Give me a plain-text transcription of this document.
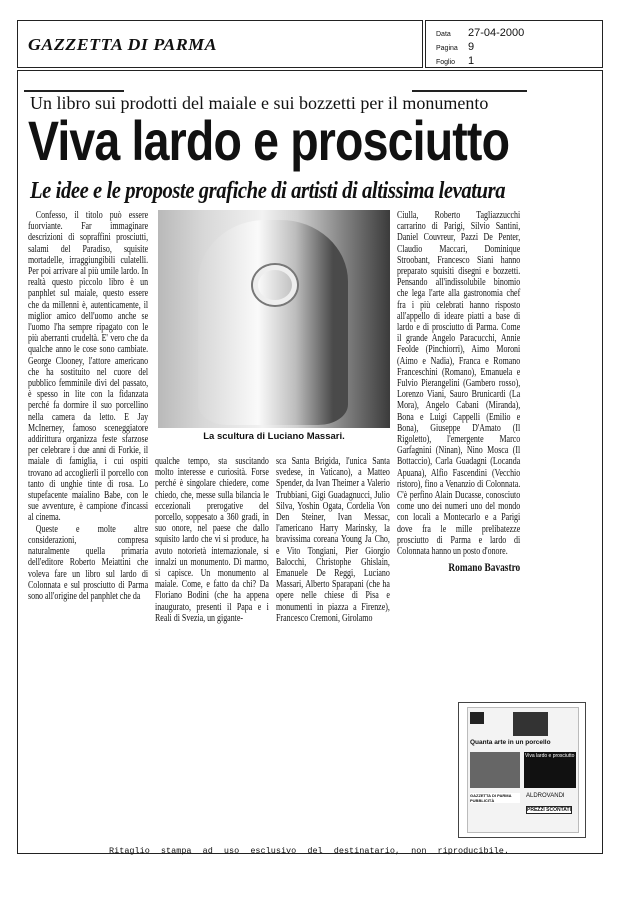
GAZZETTA DI PARMA
Data 27-04-2000
Pagina 9
Foglio 1
Un libro sui prodotti del maiale e sui bozzetti per il monumento
Viva lardo e prosciutto
Le idee e le proposte grafiche di artisti di altissima levatura

Confesso, il titolo può essere fuorviante. Far immaginare descrizioni di sopraffini prosciutti, salami del Paradiso, squisite mortadelle, irraggiungibili culatelli. Per poi arrivare al più umile lardo. In realtà questo piccolo libro è un panphlet sul maiale, questo essere che da millenni è, autenticamente, il miglior amico dell'uomo anche se l'uomo l'ha sempre ripagato con le più aberranti crudeltà. E' vero che da qualche anno le cose sono cambiate. George Clooney, l'attore americano che ha sostituito nel cuore del pubblico femminile divi del passato, è spesso in lite con la fidanzata perché fa dormire il suo porcellino nella camera da letto. E Jay McInerney, famoso sceneggiatore addirittura organizza feste sfarzose per celebrare i due anni di Forkie, il maiale di famiglia, i cui ospiti trovano ad accoglierli il porcello con tanto di unghie tinte di rosa. Lo stupefacente maialino Babe, con le sue avventure, è campione d'incassi al cinema.

Queste e molte altre considerazioni, compresa naturalmente quella primaria dell'editore Roberto Meiattini che voleva fare un libro sul lardo di Colonnata e sul prosciutto di Parma sono all'origine del panphlet che da

La scultura di Luciano Massari.

qualche tempo, sta suscitando molto interesse e curiosità. Forse perché è singolare chiedere, come chiedo, che, messe sulla bilancia le eccezionali prerogative del porcello, soppesato a 360 gradi, in suo onore, nel paese che dallo squisito lardo che vi si produce, ha avuto notorietà internazionale, si innalzi un monumento. Di marmo, si capisce. Un monumento al maiale. Come, e fatto da chi? Da Floriano Bodini (che ha appena inaugurato, presenti il Papa e i Reali di Svezia, un gigante-

sca Santa Brigida, l'unica Santa svedese, in Vaticano), a Matteo Spender, da Ivan Theimer a Valerio Trubbiani, Gigi Guadagnucci, Julio Silva, Yoshin Ogata, Cordelia Von Den Steiner, Ivan Messac, l'americano Harry Marinsky, la bravissima coreana Young Ja Cho, e Vito Tongiani, Pier Giorgio Balocchi, Christophe Ghislain, Emanuele De Reggi, Luciano Massari, Alberto Sparapani (che ha opere nelle chiese di Pisa e monumenti in piazza a Firenze), Francesco Cremoni, Girolamo

Ciulla, Roberto Tagliazzucchi carrarino di Parigi, Silvio Santini, Daniel Couvreur, Pazzi De Penter, Claudio Maccari, Dominique Stroobant, Francesco Siani hanno preparato squisiti disegni e bozzetti. Pensando all'indissolubile binomio che lega l'arte alla gastronomia chef fra i più celebrati hanno risposto all'appello di ideare piatti a base di lardo e di prosciutto di Parma. Come il grande Angelo Paracucchi, Annie Feolde (Pinchiorri), Aimo Moroni (Aimo e Nadia), Franca e Romano Franceschini (Romano), Emanuela e Fulvio Pierangelini (Gambero rosso), Lorenzo Viani, Sauro Brunicardi (La Mora), Angelo Cabani (Miranda), Bona e Luigi Cappelli (Emilio e Bona), Giuseppe D'Amato (Il Rigoletto), l'emergente Marco Garfagnini (Ninan), Nino Mosca (Il Bottaccio), Carla Guadagni (Locanda Apuana), Alfio Fascendini (Vecchio ristoro), fino a Venanzio di Colonnata. C'è perfino Alain Ducasse, conosciuto come uno dei numeri uno del mondo con locali a Montecarlo e a Parigi dove fra le mille prelibatezze prosciutto di Parma e lardo di Colonnata hanno un posto d'onore.

Romano Bavastro
Quanta arte in un porcello
Viva lardo e prosciutto
GAZZETTA DI PARMA PUBBLICITÀ
ALDROVANDI
PREZZI SCONTATI
Ritaglio stampa ad uso esclusivo del destinatario, non riproducibile.
